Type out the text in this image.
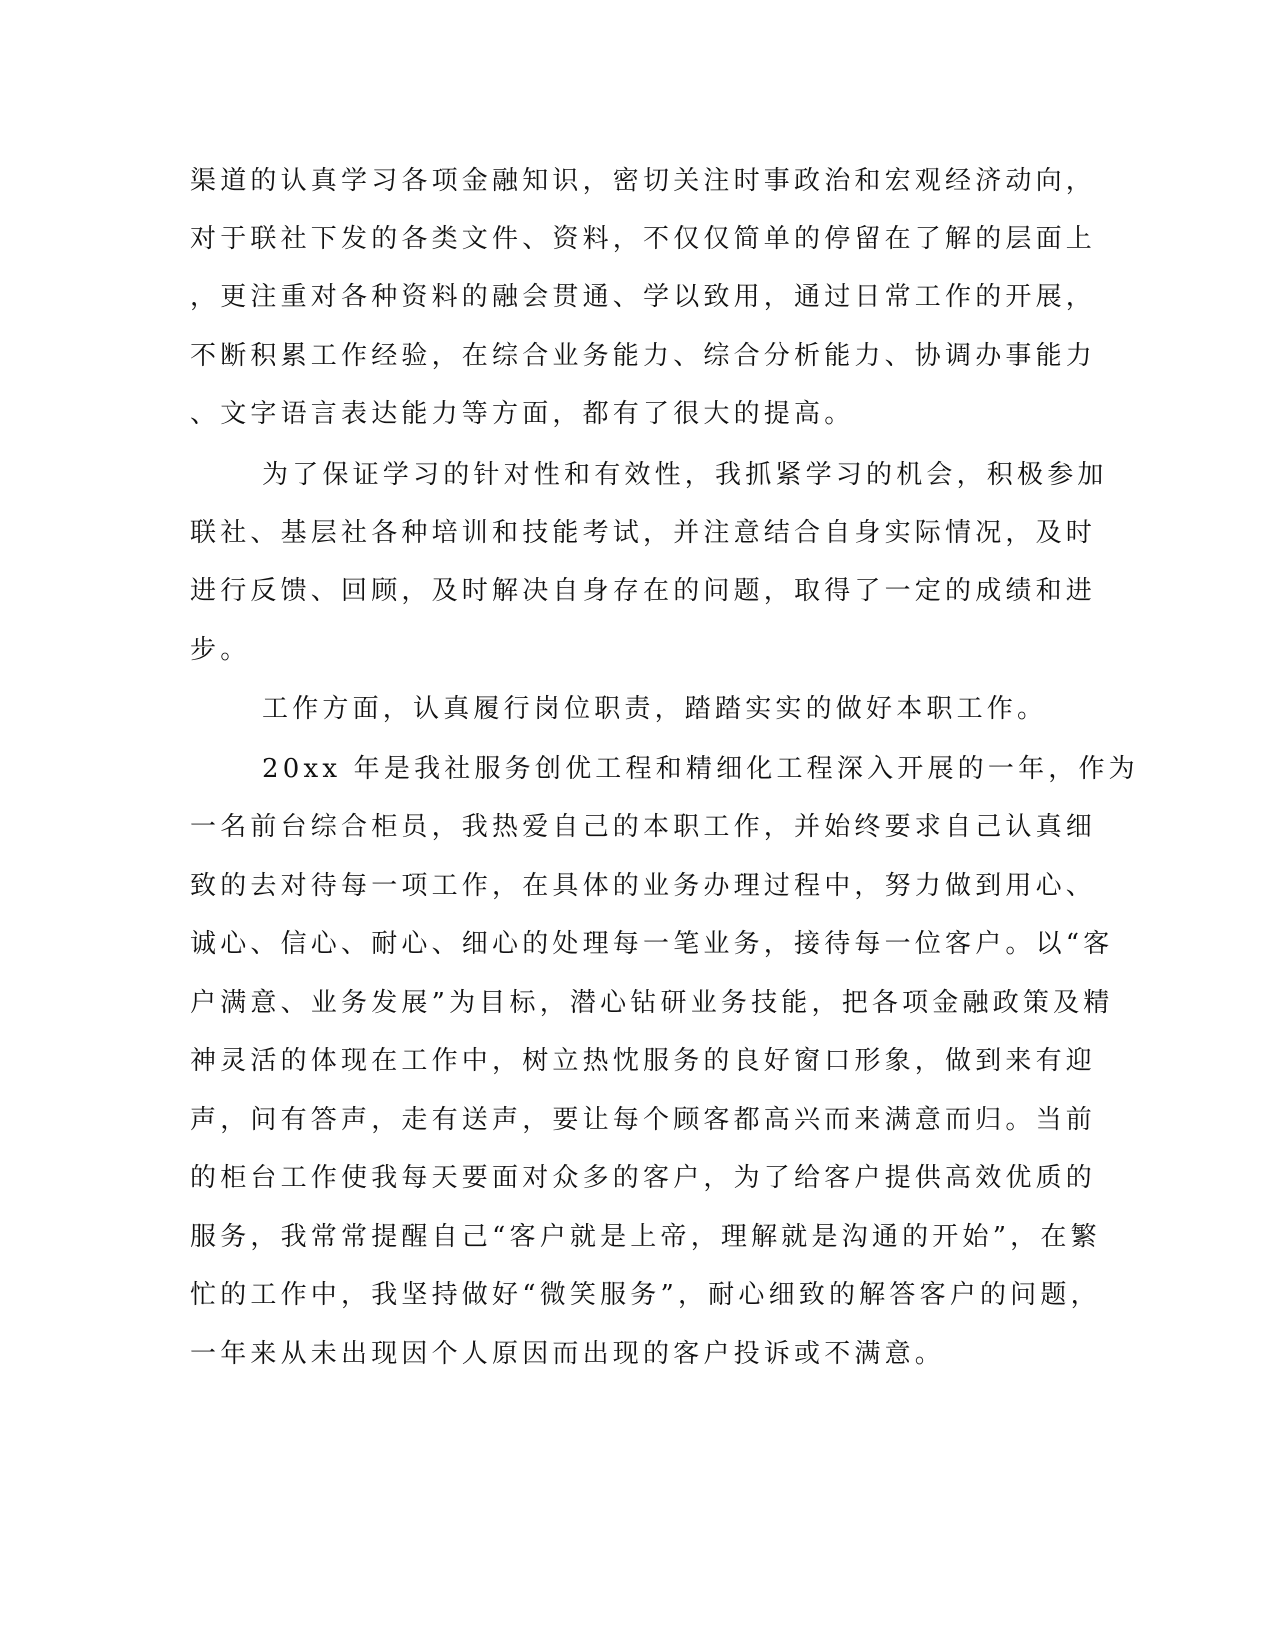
渠道的认真学习各项金融知识，密切关注时事政治和宏观经济动向，
对于联社下发的各类文件、资料，不仅仅简单的停留在了解的层面上
，更注重对各种资料的融会贯通、学以致用，通过日常工作的开展，
不断积累工作经验，在综合业务能力、综合分析能力、协调办事能力
、文字语言表达能力等方面，都有了很大的提高。
为了保证学习的针对性和有效性，我抓紧学习的机会，积极参加
联社、基层社各种培训和技能考试，并注意结合自身实际情况，及时
进行反馈、回顾，及时解决自身存在的问题，取得了一定的成绩和进
步。
工作方面，认真履行岗位职责，踏踏实实的做好本职工作。
20xx 年是我社服务创优工程和精细化工程深入开展的一年，作为
一名前台综合柜员，我热爱自己的本职工作，并始终要求自己认真细
致的去对待每一项工作，在具体的业务办理过程中，努力做到用心、
诚心、信心、耐心、细心的处理每一笔业务，接待每一位客户。以“客
户满意、业务发展”为目标，潜心钻研业务技能，把各项金融政策及精
神灵活的体现在工作中，树立热忱服务的良好窗口形象，做到来有迎
声，问有答声，走有送声，要让每个顾客都高兴而来满意而归。当前
的柜台工作使我每天要面对众多的客户，为了给客户提供高效优质的
服务，我常常提醒自己“客户就是上帝，理解就是沟通的开始”，在繁
忙的工作中，我坚持做好“微笑服务”，耐心细致的解答客户的问题，
一年来从未出现因个人原因而出现的客户投诉或不满意。
